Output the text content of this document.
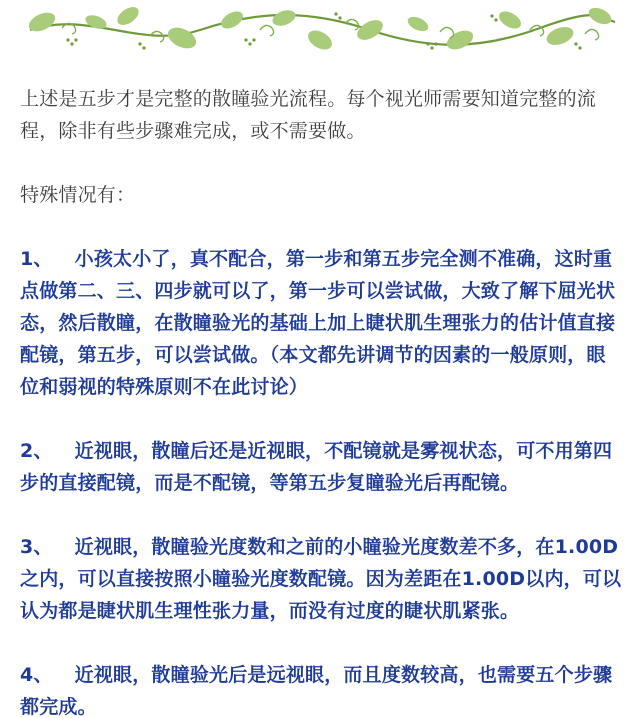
上述是五步才是完整的散瞳验光流程。每个视光师需要知道完整的流程，除非有些步骤难完成，或不需要做。

特殊情况有：

1、 小孩太小了，真不配合，第一步和第五步完全测不准确，这时重点做第二、三、四步就可以了，第一步可以尝试做，大致了解下屈光状态，然后散瞳，在散瞳验光的基础上加上睫状肌生理张力的估计值直接配镜，第五步，可以尝试做。（本文都先讲调节的因素的一般原则，眼位和弱视的特殊原则不在此讨论）

2、 近视眼，散瞳后还是近视眼，不配镜就是雾视状态，可不用第四步的直接配镜，而是不配镜，等第五步复瞳验光后再配镜。

3、 近视眼，散瞳验光度数和之前的小瞳验光度数差不多，在1.00D之内，可以直接按照小瞳验光度数配镜。因为差距在1.00D以内，可以认为都是睫状肌生理性张力量，而没有过度的睫状肌紧张。

4、 近视眼，散瞳验光后是远视眼，而且度数较高，也需要五个步骤都完成。
